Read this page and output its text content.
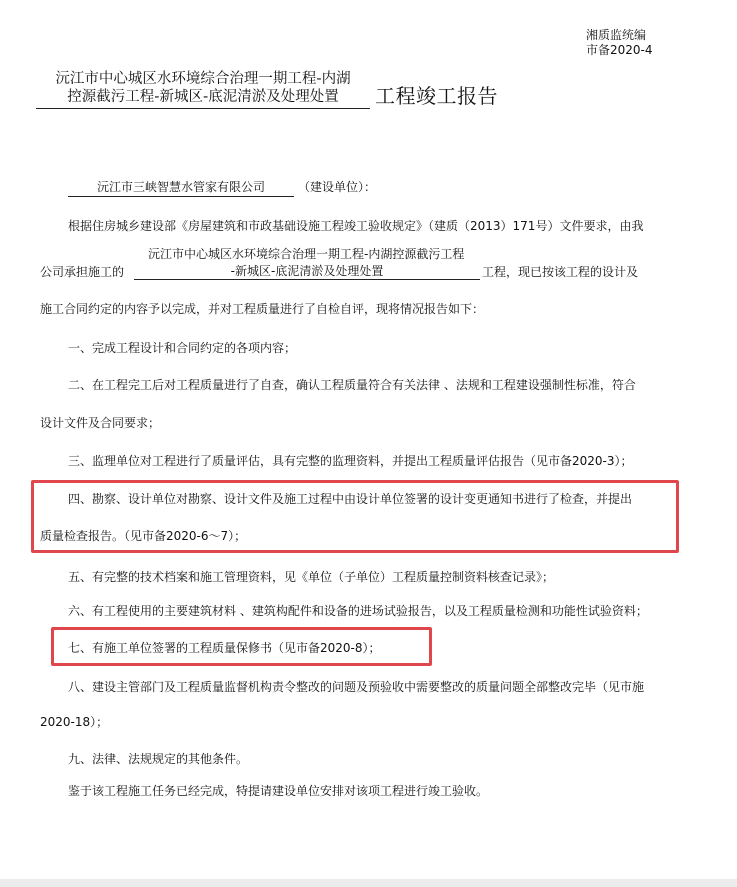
湘质监统编
市备2020-4
沅江市中心城区水环境综合治理一期工程-内湖
控源截污工程-新城区-底泥清淤及处理处置	工程竣工报告
沅江市三峡智慧水管家有限公司	（建设单位）：
根据住房城乡建设部《房屋建筑和市政基础设施工程竣工验收规定》（建质（2013）171号）文件要求，由我
沅江市中心城区水环境综合治理一期工程-内湖控源截污工程
公司承担施工的	-新城区-底泥清淤及处理处置	工程，现已按该工程的设计及
施工合同约定的内容予以完成，并对工程质量进行了自检自评，现将情况报告如下：
一、完成工程设计和合同约定的各项内容；
二、在工程完工后对工程质量进行了自查，确认工程质量符合有关法律 、法规和工程建设强制性标准，符合
设计文件及合同要求；
三、监理单位对工程进行了质量评估，具有完整的监理资料，并提出工程质量评估报告（见市备2020-3）；
四、勘察、设计单位对勘察、设计文件及施工过程中由设计单位签署的设计变更通知书进行了检查，并提出
质量检查报告。（见市备2020-6～7）；
五、有完整的技术档案和施工管理资料，见《单位（子单位）工程质量控制资料核查记录》；
六、有工程使用的主要建筑材料 、建筑构配件和设备的进场试验报告，以及工程质量检测和功能性试验资料；
七、有施工单位签署的工程质量保修书（见市备2020-8）；
八、建设主管部门及工程质量监督机构责令整改的问题及预验收中需要整改的质量问题全部整改完毕（见市施
2020-18）；
九、法律、法规规定的其他条件。
鉴于该工程施工任务已经完成，特提请建设单位安排对该项工程进行竣工验收。
